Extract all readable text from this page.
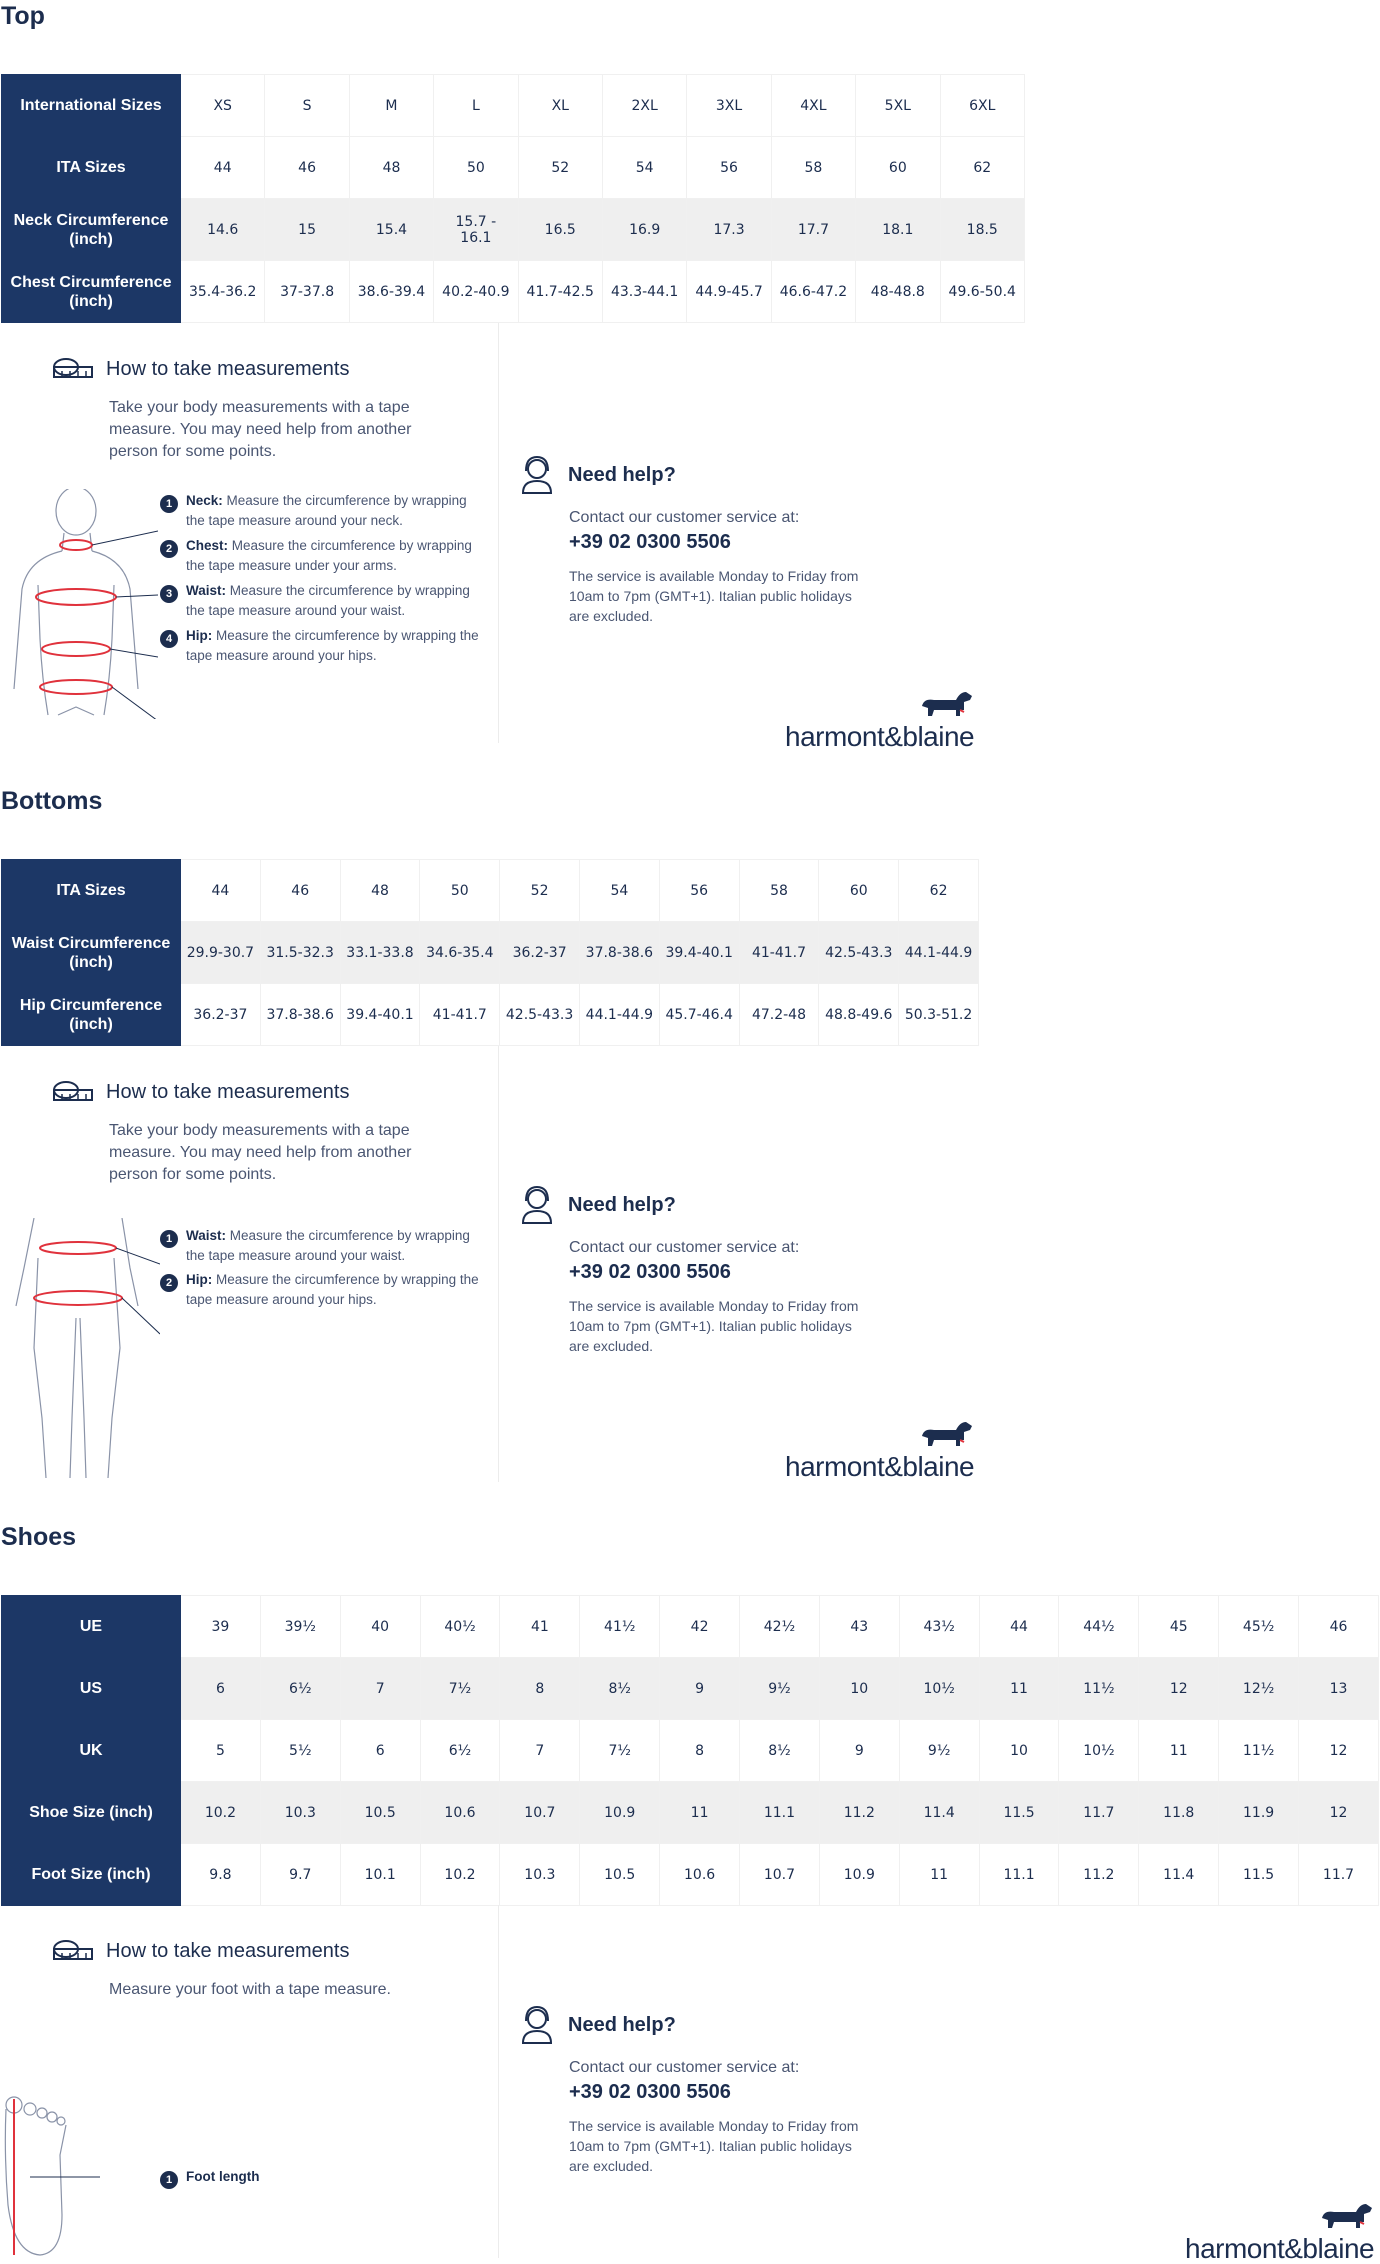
Top
International Sizes	XS	S	M	L	XL	2XL	3XL	4XL	5XL	6XL
ITA Sizes	44	46	48	50	52	54	56	58	60	62
Neck Circumference (inch)	14.6	15	15.4	15.7 - 16.1	16.5	16.9	17.3	17.7	18.1	18.5
Chest Circumference (inch)	35.4-36.2	37-37.8	38.6-39.4	40.2-40.9	41.7-42.5	43.3-44.1	44.9-45.7	46.6-47.2	48-48.8	49.6-50.4
How to take measurements
Take your body measurements with a tape measure. You may need help from another person for some points.
1	Neck: Measure the circumference by wrapping the tape measure around your neck.
2	Chest: Measure the circumference by wrapping the tape measure under your arms.
3	Waist: Measure the circumference by wrapping the tape measure around your waist.
4	Hip: Measure the circumference by wrapping the tape measure around your hips.
Need help?
Contact our customer service at:
+39 02 0300 5506
The service is available Monday to Friday from 10am to 7pm (GMT+1). Italian public holidays are excluded.
harmont&blaine
Bottoms
ITA Sizes	44	46	48	50	52	54	56	58	60	62
Waist Circumference (inch)	29.9-30.7	31.5-32.3	33.1-33.8	34.6-35.4	36.2-37	37.8-38.6	39.4-40.1	41-41.7	42.5-43.3	44.1-44.9
Hip Circumference (inch)	36.2-37	37.8-38.6	39.4-40.1	41-41.7	42.5-43.3	44.1-44.9	45.7-46.4	47.2-48	48.8-49.6	50.3-51.2
How to take measurements
Take your body measurements with a tape measure. You may need help from another person for some points.
1	Waist: Measure the circumference by wrapping the tape measure around your waist.
2	Hip: Measure the circumference by wrapping the tape measure around your hips.
Need help?
Contact our customer service at:
+39 02 0300 5506
The service is available Monday to Friday from 10am to 7pm (GMT+1). Italian public holidays are excluded.
harmont&blaine
Shoes
UE	39	39½	40	40½	41	41½	42	42½	43	43½	44	44½	45	45½	46
US	6	6½	7	7½	8	8½	9	9½	10	10½	11	11½	12	12½	13
UK	5	5½	6	6½	7	7½	8	8½	9	9½	10	10½	11	11½	12
Shoe Size (inch)	10.2	10.3	10.5	10.6	10.7	10.9	11	11.1	11.2	11.4	11.5	11.7	11.8	11.9	12
Foot Size (inch)	9.8	9.7	10.1	10.2	10.3	10.5	10.6	10.7	10.9	11	11.1	11.2	11.4	11.5	11.7
How to take measurements
Measure your foot with a tape measure.
1	Foot length
Need help?
Contact our customer service at:
+39 02 0300 5506
The service is available Monday to Friday from 10am to 7pm (GMT+1). Italian public holidays are excluded.
harmont&blaine
